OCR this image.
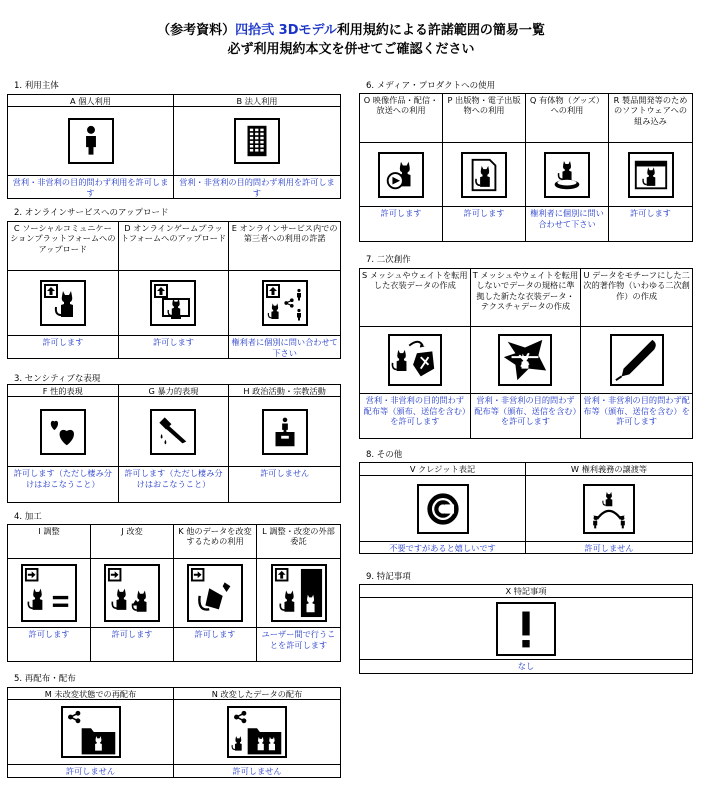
（参考資料）四拾弐 3Dモデル利用規約による許諾範囲の簡易一覧
必ず利用規約本文を併せてご確認ください
1. 利用主体
A 個人利用
営利・非営利の目的問わず利用を許可します
B 法人利用
営利・非営利の目的問わず利用を許可します
2. オンラインサービスへのアップロード
C ソーシャルコミュニケーションプラットフォームへのアップロード
許可します
D オンラインゲームプラットフォームへのアップロード
許可します
E オンラインサービス内での第三者への利用の許諾
権利者に個別に問い合わせて下さい
3. センシティブな表現
F 性的表現
許可します（ただし棲み分けはおこなうこと）
G 暴力的表現
許可します（ただし棲み分けはおこなうこと）
H 政治活動・宗教活動
許可しません
4. 加工
I 調整
許可します
J 改変
許可します
K 他のデータを改変するための利用
許可します
L 調整・改変の外部委託
ユーザー間で行うことを許可します
5. 再配布・配布
M 未改変状態での再配布
許可しません
N 改変したデータの配布
許可しません
6. メディア・プロダクトへの使用
O 映像作品・配信・放送への利用
許可します
P 出版物・電子出版物への利用
許可します
Q 有体物（グッズ）への利用
権利者に個別に問い合わせて下さい
R 製品開発等のためのソフトウェアへの組み込み
許可します
7. 二次創作
S メッシュやウェイトを転用した衣装データの作成
営利・非営利の目的問わず配布等（頒布、送信を含む）を許可します
T メッシュやウェイトを転用しないでデータの規格に準拠した新たな衣装データ・テクスチャデータの作成
営利・非営利の目的問わず配布等（頒布、送信を含む）を許可します
U データをモチーフにした二次的著作物（いわゆる二次創作）の作成
営利・非営利の目的問わず配布等（頒布、送信を含む）を許可します
8. その他
V クレジット表記
不要ですがあると嬉しいです
W 権利義務の譲渡等
許可しません
9. 特記事項
X 特記事項
なし
